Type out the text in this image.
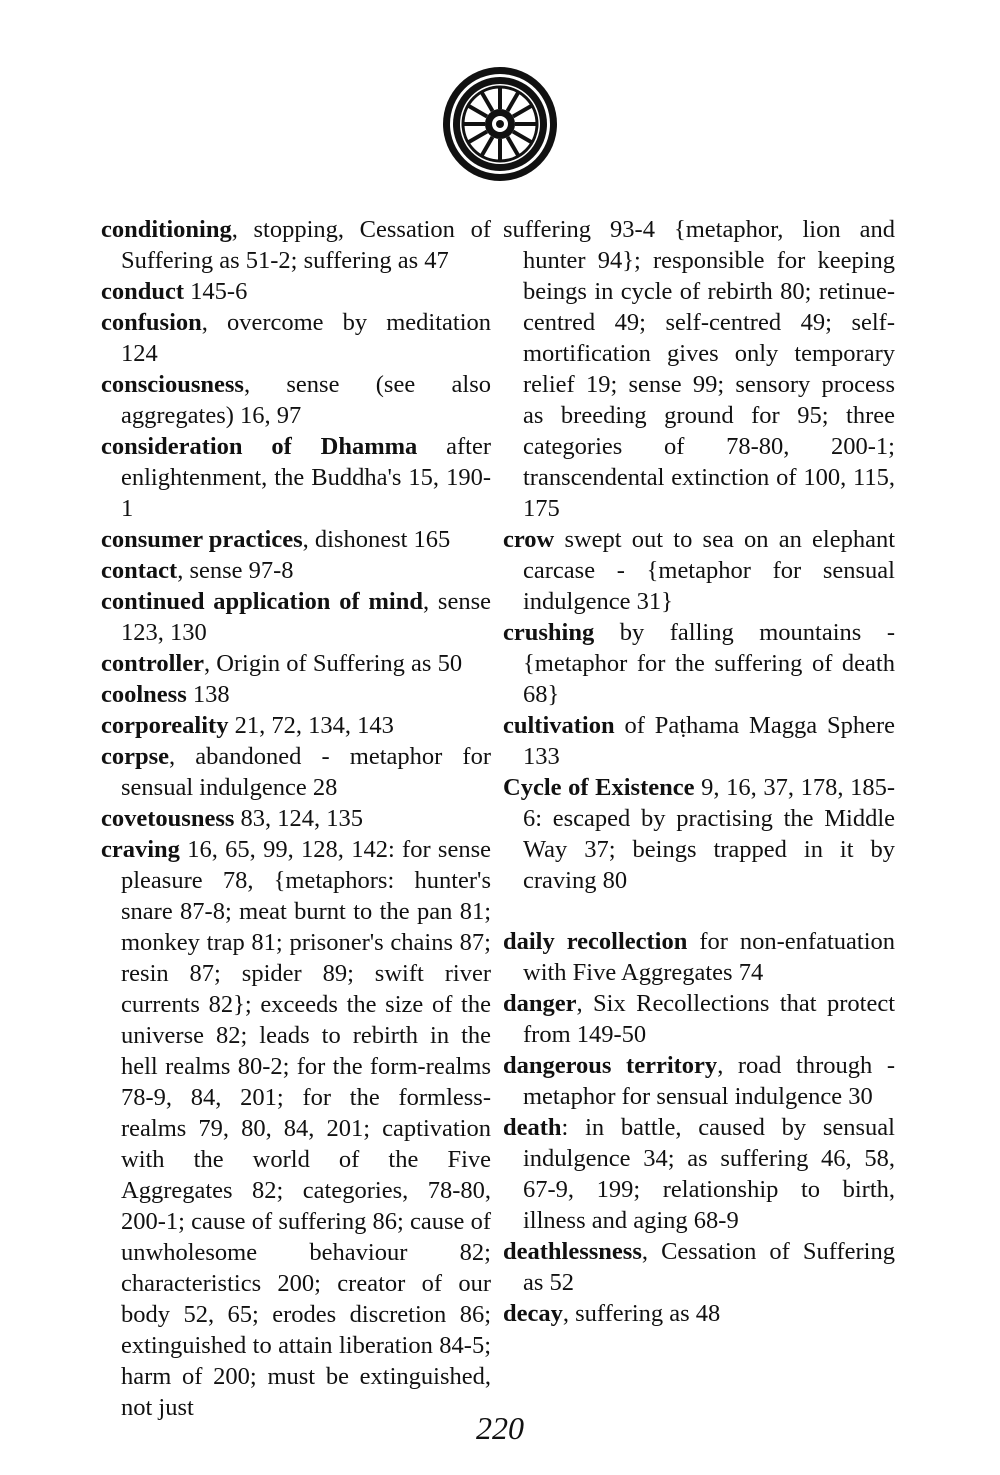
conditioning, stopping, Cessation of Suffering as 51-2; suffering as 47

conduct 145-6

confusion, overcome by meditation 124

consciousness, sense (see also aggregates) 16, 97

consideration of Dhamma after enlightenment, the Buddha's 15, 190-1

consumer practices, dishonest 165

contact, sense 97-8

continued application of mind, sense 123, 130

controller, Origin of Suffering as 50

coolness 138

corporeality 21, 72, 134, 143

corpse, abandoned - metaphor for sensual indulgence 28

covetousness 83, 124, 135

craving 16, 65, 99, 128, 142: for sense pleasure 78, {metaphors: hunter's snare 87-8; meat burnt to the pan 81; monkey trap 81; prisoner's chains 87; resin 87; spider 89; swift river currents 82}; exceeds the size of the universe 82; leads to rebirth in the hell realms 80-2; for the form-realms 78-9, 84, 201; for the formless-realms 79, 80, 84, 201; captivation with the world of the Five Aggregates 82; categories, 78-80, 200-1; cause of suffering 86; cause of unwholesome behaviour 82; characteristics 200; creator of our body 52, 65; erodes discretion 86; extinguished to attain liberation 84-5; harm of 200; must be extinguished, not just

suffering 93-4 {metaphor, lion and hunter 94}; responsible for keeping beings in cycle of rebirth 80; retinue-centred 49; self-centred 49; self-mortification gives only temporary relief 19; sense 99; sensory process as breeding ground for 95; three categories of 78-80, 200-1; transcendental extinction of 100, 115, 175

crow swept out to sea on an elephant carcase - {metaphor for sensual indulgence 31}

crushing by falling mountains - {metaphor for the suffering of death 68}

cultivation of Paṭhama Magga Sphere 133

Cycle of Existence 9, 16, 37, 178, 185-6: escaped by practising the Middle Way 37; beings trapped in it by craving 80

daily recollection for non-enfatuation with Five Aggregates 74

danger, Six Recollections that protect from 149-50

dangerous territory, road through - metaphor for sensual indulgence 30

death: in battle, caused by sensual indulgence 34; as suffering 46, 58, 67-9, 199; relationship to birth, illness and aging 68-9

deathlessness, Cessation of Suffering as 52

decay, suffering as 48

220
